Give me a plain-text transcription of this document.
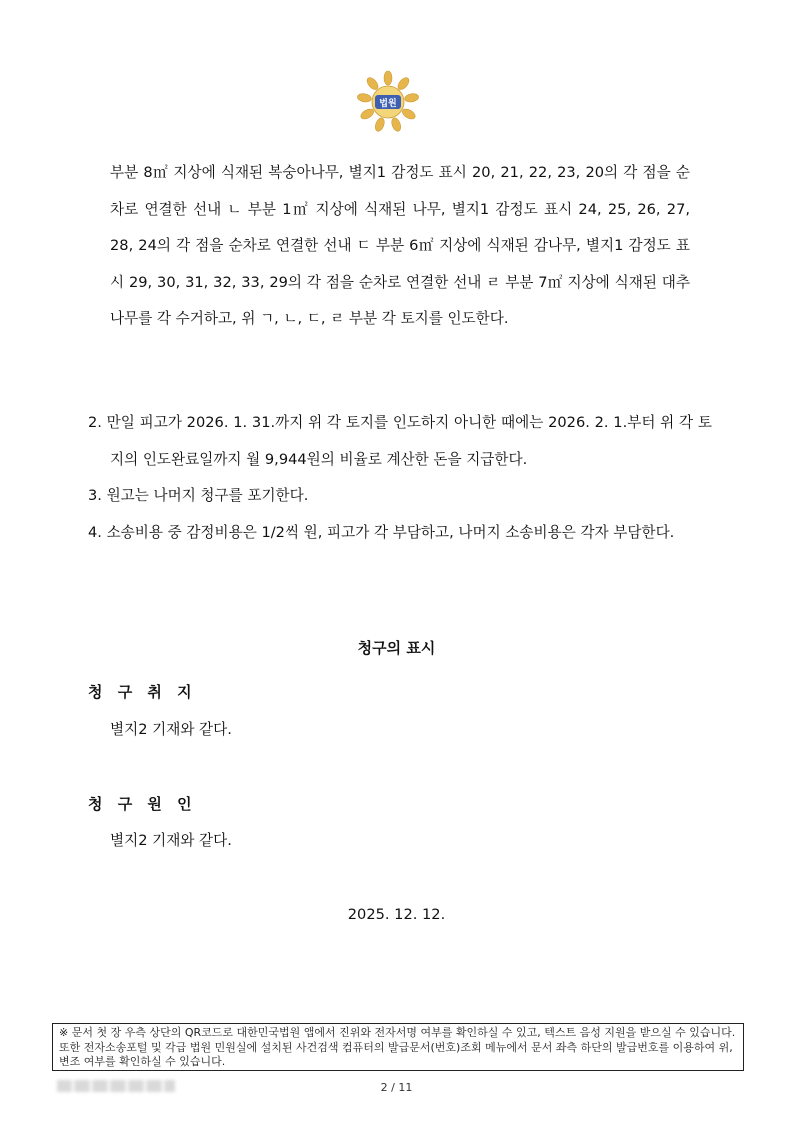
법원

부분 8㎡ 지상에 식재된 복숭아나무, 별지1 감정도 표시 20, 21, 22, 23, 20의 각 점을 순차로 연결한 선내 ㄴ 부분 1㎡ 지상에 식재된 나무, 별지1 감정도 표시 24, 25, 26, 27, 28, 24의 각 점을 순차로 연결한 선내 ㄷ 부분 6㎡ 지상에 식재된 감나무, 별지1 감정도 표시 29, 30, 31, 32, 33, 29의 각 점을 순차로 연결한 선내 ㄹ 부분 7㎡ 지상에 식재된 대추나무를 각 수거하고, 위 ㄱ, ㄴ, ㄷ, ㄹ 부분 각 토지를 인도한다.

2. 만일 피고가 2026. 1. 31.까지 위 각 토지를 인도하지 아니한 때에는 2026. 2. 1.부터 위 각 토지의 인도완료일까지 월 9,944원의 비율로 계산한 돈을 지급한다.

3. 원고는 나머지 청구를 포기한다.

4. 소송비용 중 감정비용은 1/2씩 원, 피고가 각 부담하고, 나머지 소송비용은 각자 부담한다.

청구의 표시
청 구 취 지
별지2 기재와 같다.
청 구 원 인
별지2 기재와 같다.
2025. 12. 12.
※ 문서 첫 장 우측 상단의 QR코드로 대한민국법원 앱에서 진위와 전자서명 여부를 확인하실 수 있고, 텍스트 음성 지원을 받으실 수 있습니다. 또한 전자소송포털 및 각급 법원 민원실에 설치된 사건검색 컴퓨터의 발급문서(번호)조회 메뉴에서 문서 좌측 하단의 발급번호를 이용하여 위,변조 여부를 확인하실 수 있습니다.
2 / 11
